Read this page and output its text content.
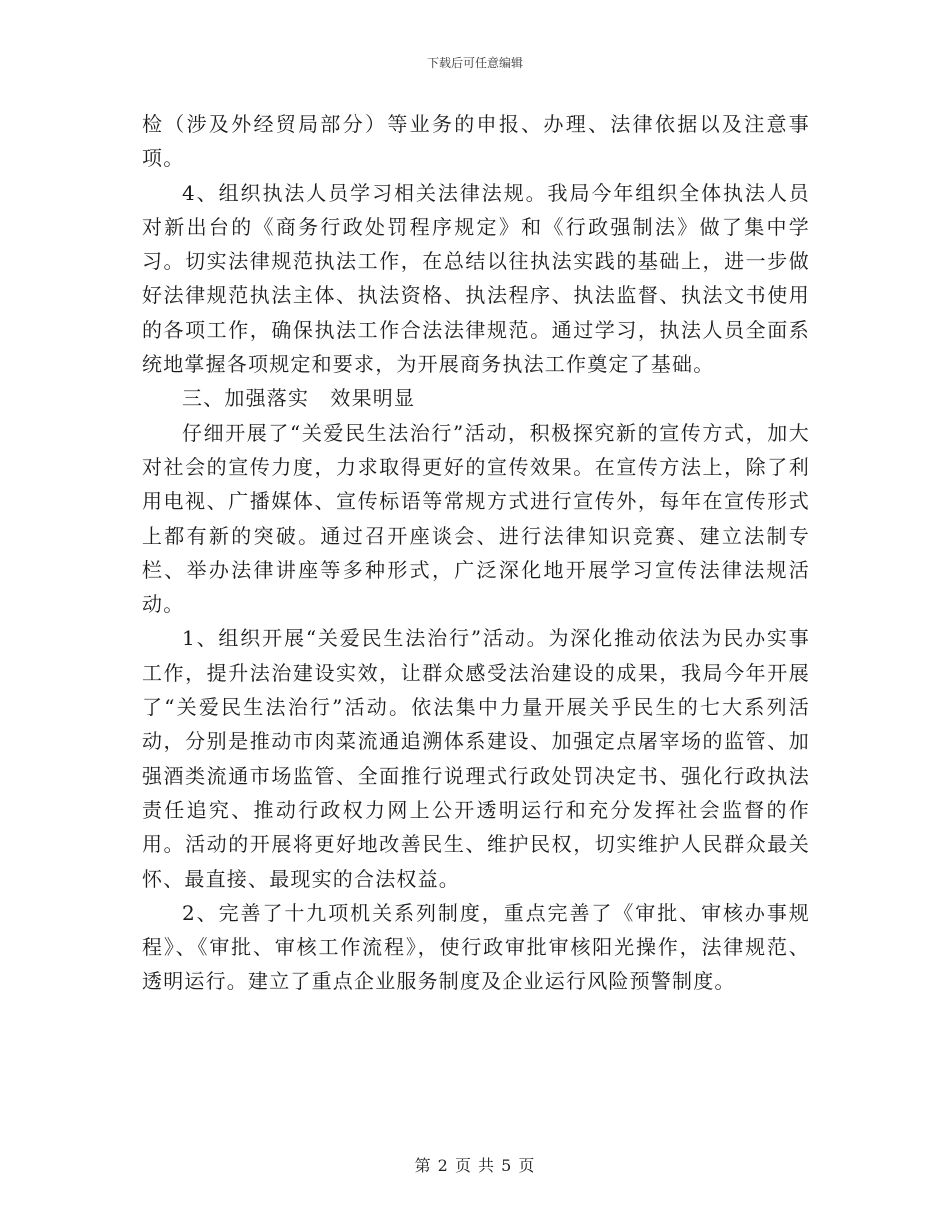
下载后可任意编辑

检（涉及外经贸局部分）等业务的申报、办理、法律依据以及注意事项。

4、组织执法人员学习相关法律法规。我局今年组织全体执法人员对新出台的《商务行政处罚程序规定》和《行政强制法》做了集中学习。切实法律规范执法工作，在总结以往执法实践的基础上，进一步做好法律规范执法主体、执法资格、执法程序、执法监督、执法文书使用的各项工作，确保执法工作合法法律规范。通过学习，执法人员全面系统地掌握各项规定和要求，为开展商务执法工作奠定了基础。

三、加强落实　效果明显

仔细开展了“关爱民生法治行”活动，积极探究新的宣传方式，加大对社会的宣传力度，力求取得更好的宣传效果。在宣传方法上，除了利用电视、广播媒体、宣传标语等常规方式进行宣传外，每年在宣传形式上都有新的突破。通过召开座谈会、进行法律知识竞赛、建立法制专栏、举办法律讲座等多种形式，广泛深化地开展学习宣传法律法规活动。

1、组织开展“关爱民生法治行”活动。为深化推动依法为民办实事工作，提升法治建设实效，让群众感受法治建设的成果，我局今年开展了“关爱民生法治行”活动。依法集中力量开展关乎民生的七大系列活动，分别是推动市肉菜流通追溯体系建设、加强定点屠宰场的监管、加强酒类流通市场监管、全面推行说理式行政处罚决定书、强化行政执法责任追究、推动行政权力网上公开透明运行和充分发挥社会监督的作用。活动的开展将更好地改善民生、维护民权，切实维护人民群众最关怀、最直接、最现实的合法权益。

2、完善了十九项机关系列制度，重点完善了《审批、审核办事规程》、《审批、审核工作流程》，使行政审批审核阳光操作，法律规范、透明运行。建立了重点企业服务制度及企业运行风险预警制度。

第 2 页 共 5 页
